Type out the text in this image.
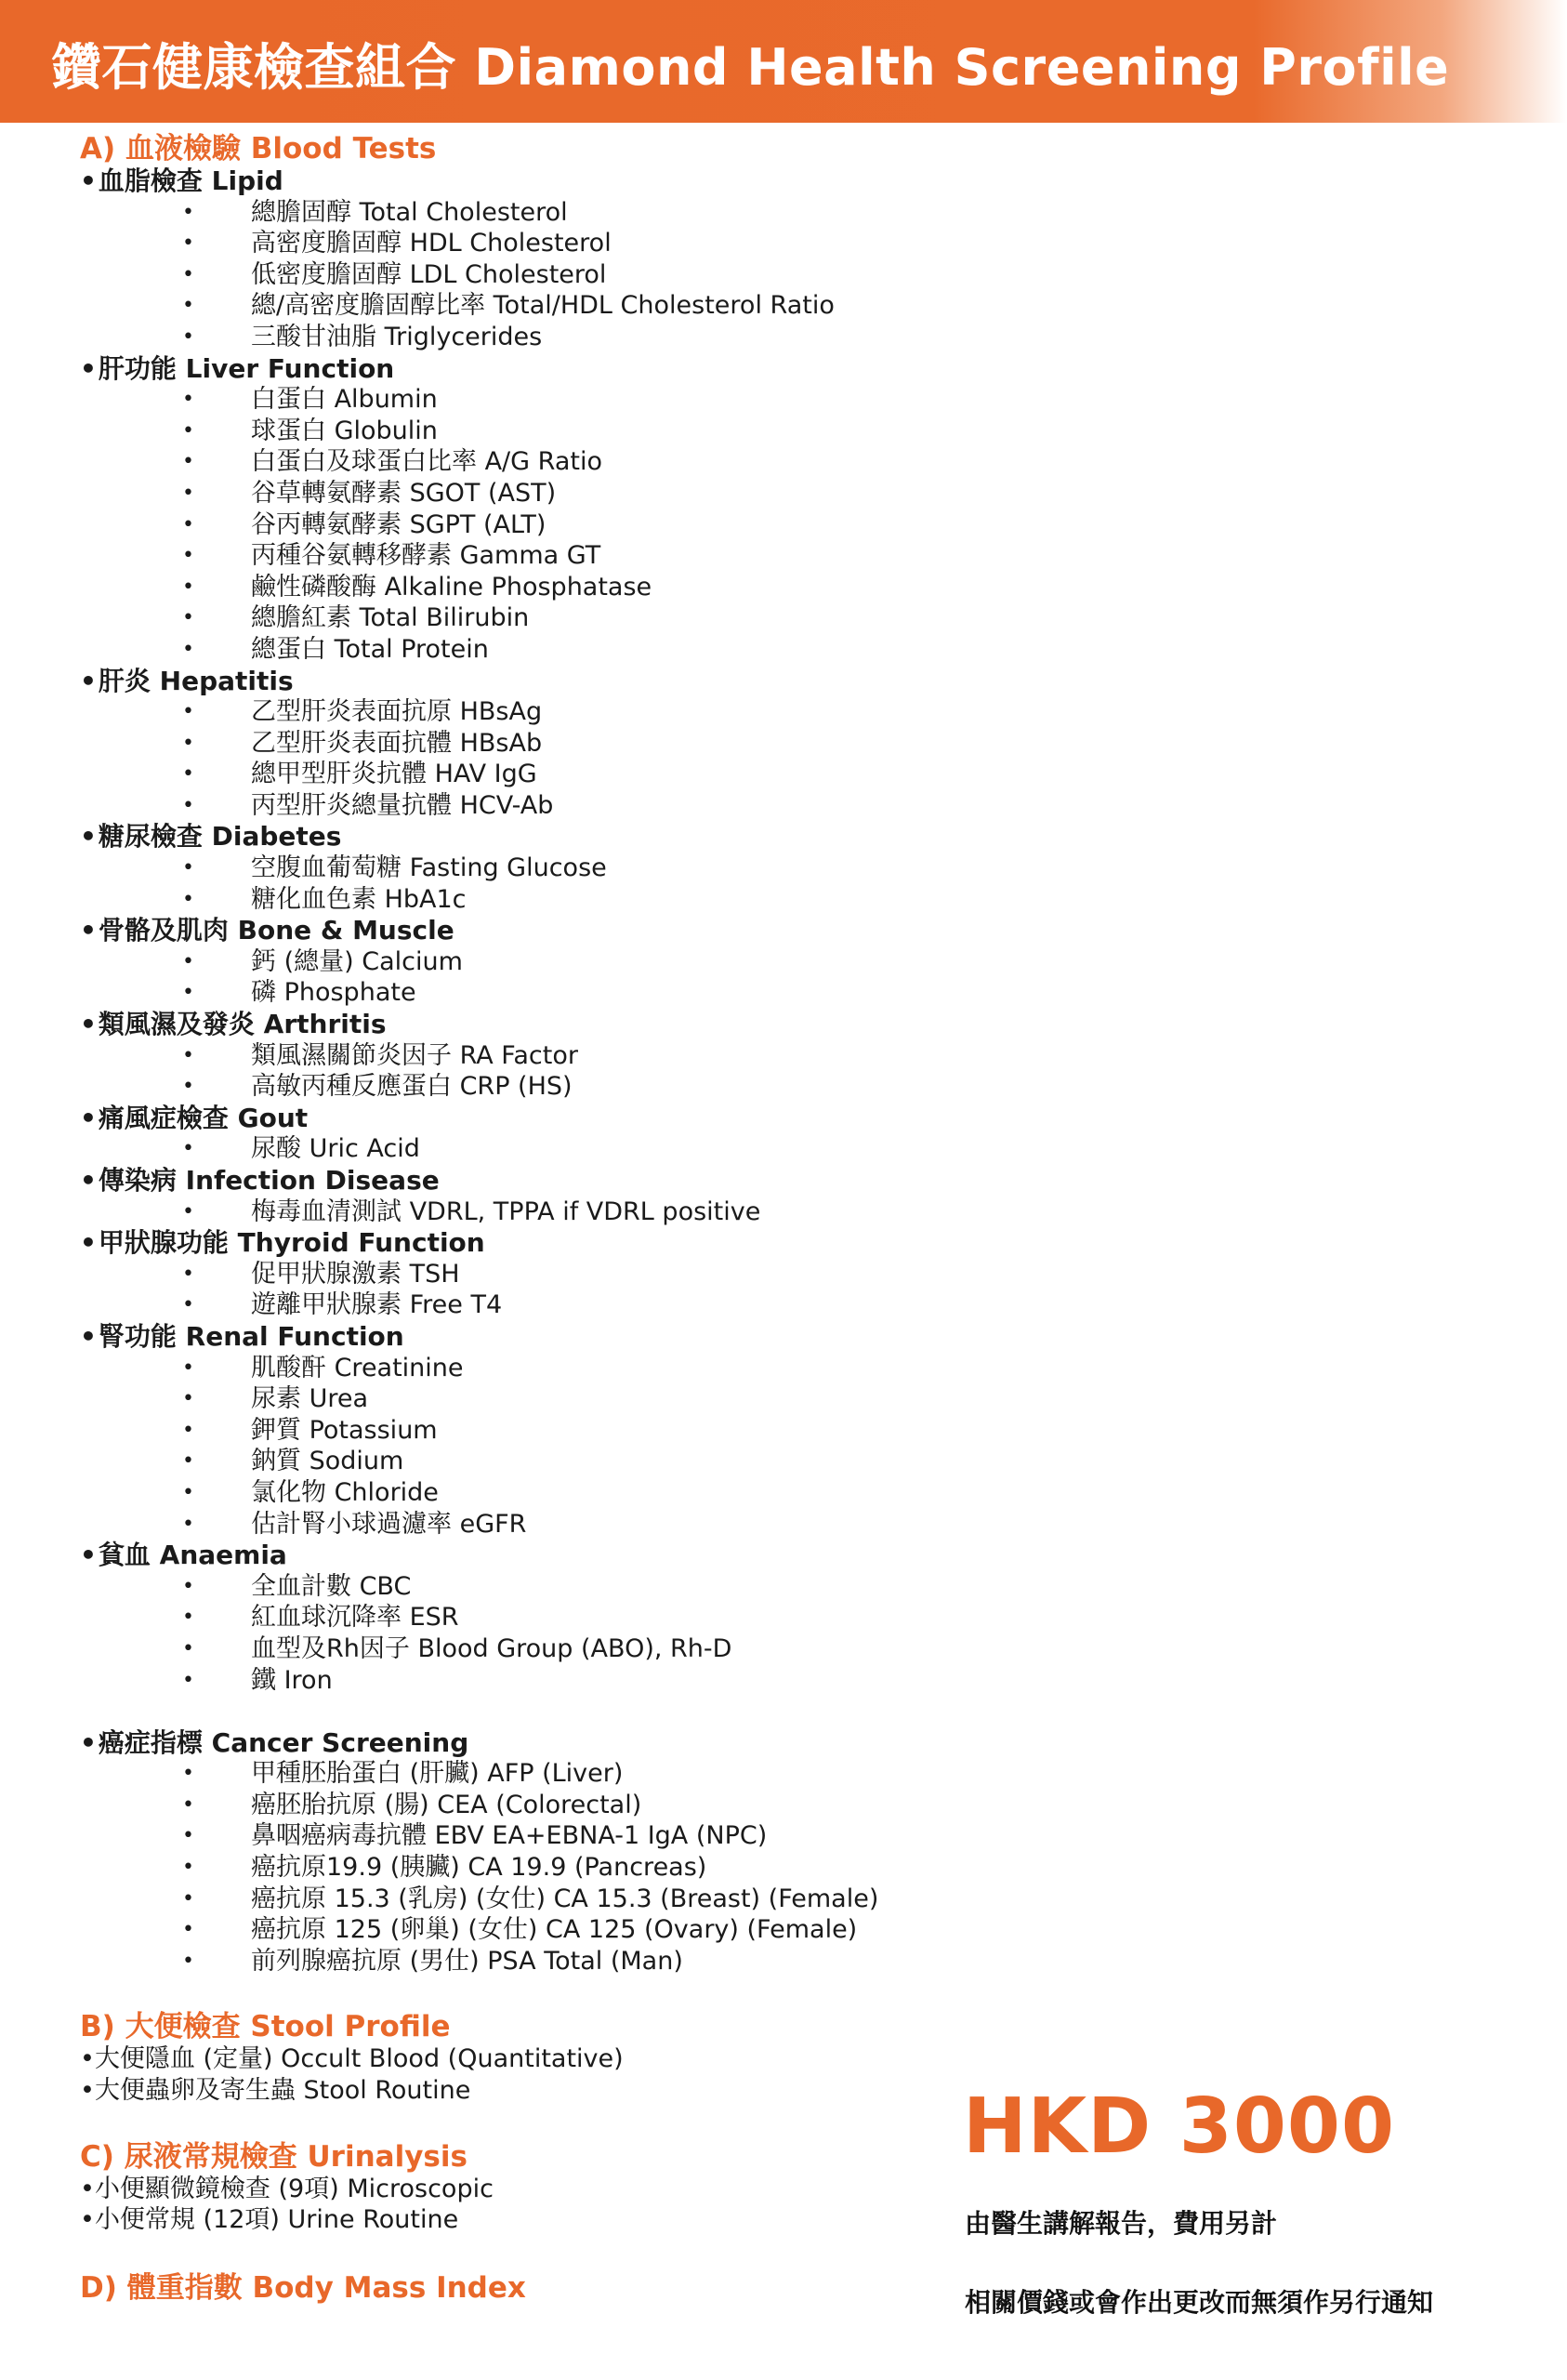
鑽石健康檢查組合 Diamond Health Screening Profile
A) 血液檢驗 Blood Tests
•血脂檢查 Lipid
• 總膽固醇 Total Cholesterol
• 高密度膽固醇 HDL Cholesterol
• 低密度膽固醇 LDL Cholesterol
• 總/高密度膽固醇比率 Total/HDL Cholesterol Ratio
• 三酸甘油脂 Triglycerides
•肝功能 Liver Function
• 白蛋白 Albumin
• 球蛋白 Globulin
• 白蛋白及球蛋白比率 A/G Ratio
• 谷草轉氨酵素 SGOT (AST)
• 谷丙轉氨酵素 SGPT (ALT)
• 丙種谷氨轉移酵素 Gamma GT
• 鹼性磷酸酶 Alkaline Phosphatase
• 總膽紅素 Total Bilirubin
• 總蛋白 Total Protein
•肝炎 Hepatitis
• 乙型肝炎表面抗原 HBsAg
• 乙型肝炎表面抗體 HBsAb
• 總甲型肝炎抗體 HAV IgG
• 丙型肝炎總量抗體 HCV-Ab
•糖尿檢查 Diabetes
• 空腹血葡萄糖 Fasting Glucose
• 糖化血色素 HbA1c
•骨骼及肌肉 Bone & Muscle
• 鈣 (總量) Calcium
• 磷 Phosphate
•類風濕及發炎 Arthritis
• 類風濕關節炎因子 RA Factor
• 高敏丙種反應蛋白 CRP (HS)
•痛風症檢查 Gout
• 尿酸 Uric Acid
•傳染病 Infection Disease
• 梅毒血清測試 VDRL, TPPA if VDRL positive
•甲狀腺功能 Thyroid Function
• 促甲狀腺激素 TSH
• 遊離甲狀腺素 Free T4
•腎功能 Renal Function
• 肌酸酐 Creatinine
• 尿素 Urea
• 鉀質 Potassium
• 鈉質 Sodium
• 氯化物 Chloride
• 估計腎小球過濾率 eGFR
•貧血 Anaemia
• 全血計數 CBC
• 紅血球沉降率 ESR
• 血型及Rh因子 Blood Group (ABO), Rh-D
• 鐵 Iron
•癌症指標 Cancer Screening
• 甲種胚胎蛋白 (肝臟) AFP (Liver)
• 癌胚胎抗原 (腸) CEA (Colorectal)
• 鼻咽癌病毒抗體 EBV EA+EBNA-1 IgA (NPC)
• 癌抗原19.9 (胰臟) CA 19.9 (Pancreas)
• 癌抗原 15.3 (乳房) (女仕) CA 15.3 (Breast) (Female)
• 癌抗原 125 (卵巢) (女仕) CA 125 (Ovary) (Female)
• 前列腺癌抗原 (男仕) PSA Total (Man)
B) 大便檢查 Stool Profile
•大便隱血 (定量) Occult Blood (Quantitative)
•大便蟲卵及寄生蟲 Stool Routine
C) 尿液常規檢查 Urinalysis
•小便顯微鏡檢查 (9項) Microscopic
•小便常規 (12項) Urine Routine
D) 體重指數 Body Mass Index
HKD 3000
由醫生講解報告，費用另計
相關價錢或會作出更改而無須作另行通知
